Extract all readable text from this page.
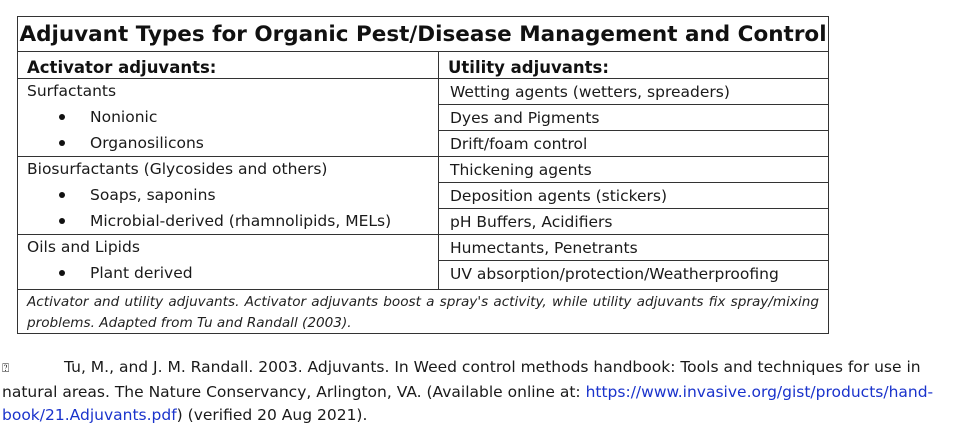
Adjuvant Types for Organic Pest/Disease Management and Control
Activator adjuvants:
Surfactants
Nonionic
Organosilicons
Biosurfactants (Glycosides and others)
Soaps, saponins
Microbial-derived (rhamnolipids, MELs)
Oils and Lipids
Plant derived
Utility adjuvants:
Wetting agents (wetters, spreaders)
Dyes and Pigments
Drift/foam control
Thickening agents
Deposition agents (stickers)
pH Buffers, Acidifiers
Humectants, Penetrants
UV absorption/protection/Weatherproofing
Activator and utility adjuvants. Activator adjuvants boost a spray's activity, while utility adjuvants fix spray/mixing problems. Adapted from Tu and Randall (2003).
⍰	Tu, M., and J. M. Randall. 2003. Adjuvants. In Weed control methods handbook: Tools and techniques for use in natural areas. The Nature Conservancy, Arlington, VA. (Available online at: https://www.invasive.org/gist/products/hand-book/21.Adjuvants.pdf) (verified 20 Aug 2021).
